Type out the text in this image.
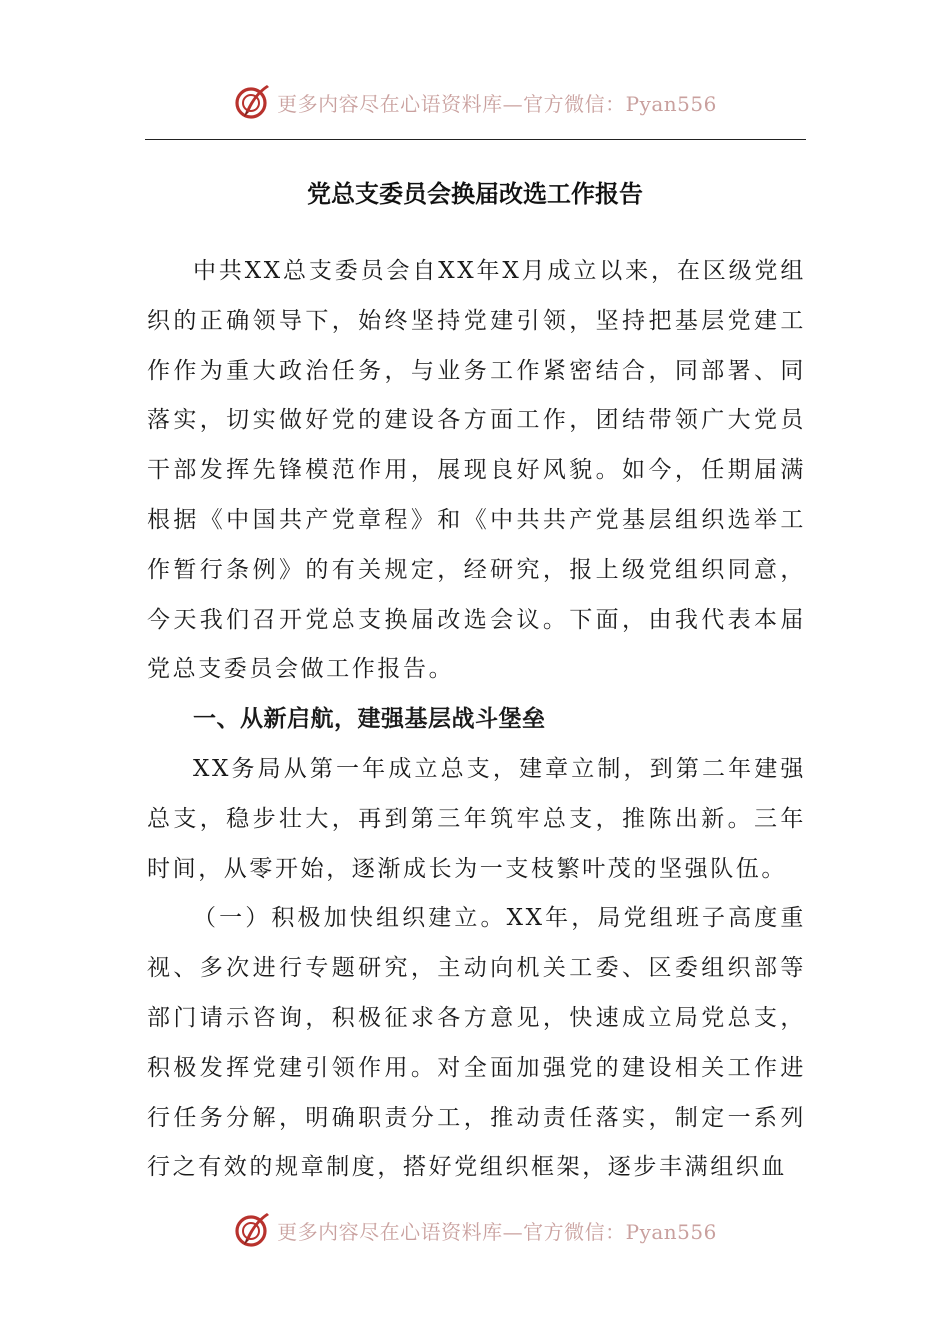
更多内容尽在心语资料库—官方微信：Pyan556
党总支委员会换届改选工作报告

中共XX总支委员会自XX年X月成立以来，在区级党组织的正确领导下，始终坚持党建引领，坚持把基层党建工作作为重大政治任务，与业务工作紧密结合，同部署、同落实，切实做好党的建设各方面工作，团结带领广大党员干部发挥先锋模范作用，展现良好风貌。如今，任期届满根据《中国共产党章程》和《中共共产党基层组织选举工作暂行条例》的有关规定，经研究，报上级党组织同意，今天我们召开党总支换届改选会议。下面，由我代表本届党总支委员会做工作报告。

一、从新启航，建强基层战斗堡垒

XX务局从第一年成立总支，建章立制，到第二年建强总支，稳步壮大，再到第三年筑牢总支，推陈出新。三年时间，从零开始，逐渐成长为一支枝繁叶茂的坚强队伍。

（一）积极加快组织建立。XX年，局党组班子高度重视、多次进行专题研究，主动向机关工委、区委组织部等部门请示咨询，积极征求各方意见，快速成立局党总支，积极发挥党建引领作用。对全面加强党的建设相关工作进行任务分解，明确职责分工，推动责任落实，制定一系列行之有效的规章制度，搭好党组织框架，逐步丰满组织血

更多内容尽在心语资料库—官方微信：Pyan556
